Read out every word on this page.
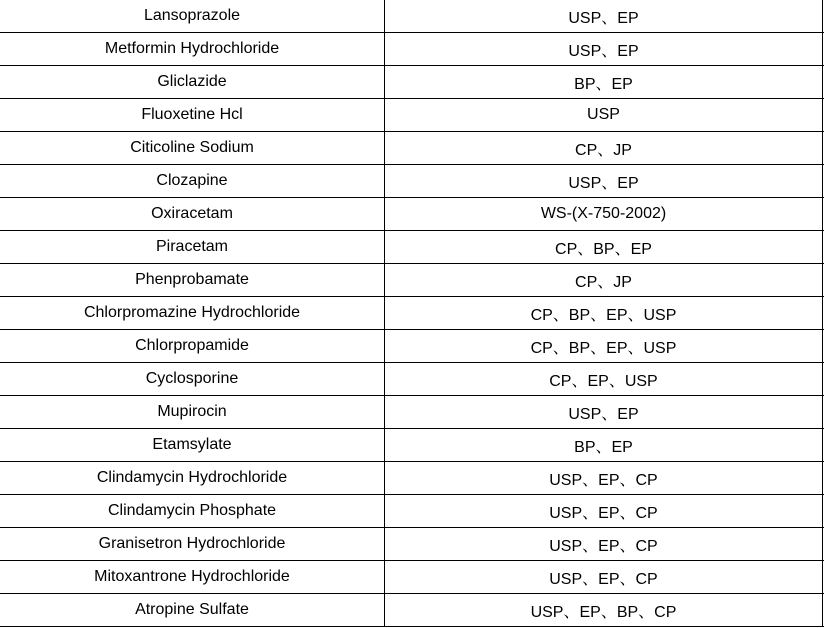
Lansoprazole	USP、EP
Metformin Hydrochloride	USP、EP
Gliclazide	BP、EP
Fluoxetine Hcl	USP
Citicoline Sodium	CP、JP
Clozapine	USP、EP
Oxiracetam	WS-(X-750-2002)
Piracetam	CP、BP、EP
Phenprobamate	CP、JP
Chlorpromazine Hydrochloride	CP、BP、EP、USP
Chlorpropamide	CP、BP、EP、USP
Cyclosporine	CP、EP、USP
Mupirocin	USP、EP
Etamsylate	BP、EP
Clindamycin Hydrochloride	USP、EP、CP
Clindamycin Phosphate	USP、EP、CP
Granisetron Hydrochloride	USP、EP、CP
Mitoxantrone Hydrochloride	USP、EP、CP
Atropine Sulfate	USP、EP、BP、CP
